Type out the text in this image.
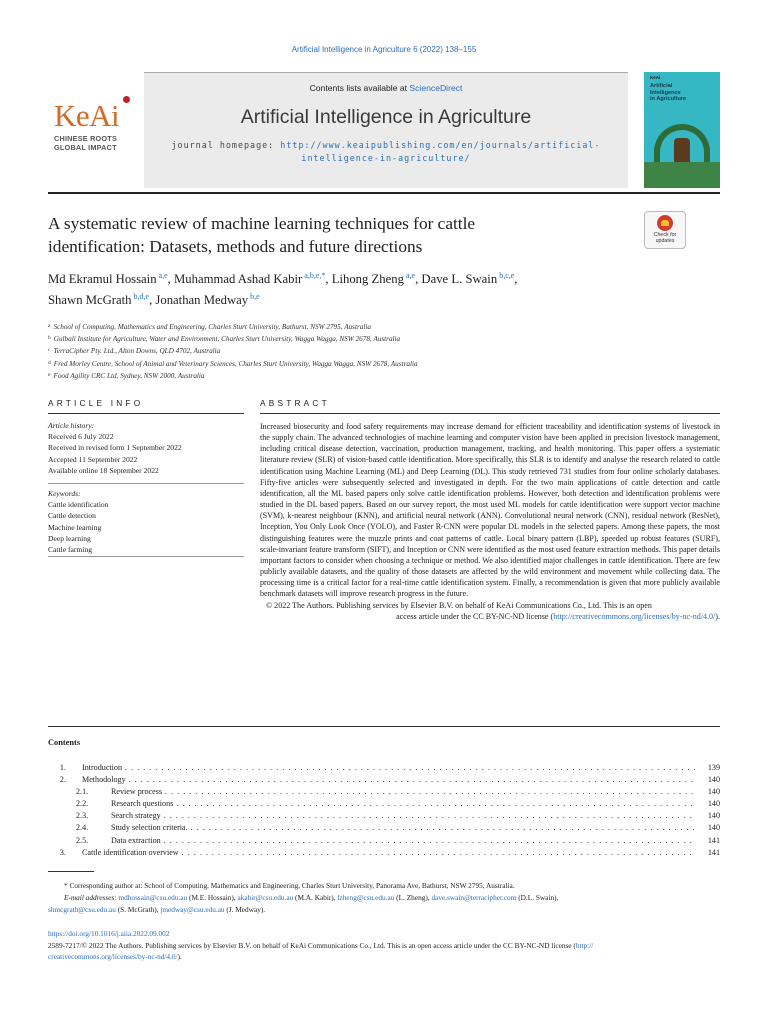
Artificial Intelligence in Agriculture 6 (2022) 138–155
KeAi
CHINESE ROOTS
GLOBAL IMPACT
Contents lists available at ScienceDirect
Artificial Intelligence in Agriculture
journal homepage: http://www.keaipublishing.com/en/journals/artificial-
intelligence-in-agriculture/
KeAi
Artificial
Intelligence
in Agriculture
A systematic review of machine learning techniques for cattle
identification: Datasets, methods and future directions
Check for
updates
Md Ekramul Hossain $^{a,e}$, Muhammad Ashad Kabir $^{a,b,e,*}$, Lihong Zheng $^{a,e}$, Dave L. Swain $^{b,c,e}$,
Shawn McGrath $^{b,d,e}$, Jonathan Medway $^{b,e}$
$^a$ School of Computing, Mathematics and Engineering, Charles Sturt University, Bathurst, NSW 2795, Australia
$^b$ Gulbali Institute for Agriculture, Water and Environment, Charles Sturt University, Wagga Wagga, NSW 2678, Australia
$^c$ TerraCipher Pty. Ltd., Alton Downs, QLD 4702, Australia
$^d$ Fred Morley Centre, School of Animal and Veterinary Sciences, Charles Sturt University, Wagga Wagga, NSW 2678, Australia
$^e$ Food Agility CRC Ltd, Sydney, NSW 2000, Australia
ARTICLE INFO	ABSTRACT
Article history:
Received 6 July 2022
Received in revised form 1 September 2022
Accepted 11 September 2022
Available online 18 September 2022
Keywords:
Cattle identification
Cattle detection
Machine learning
Deep learning
Cattle farming

Increased biosecurity and food safety requirements may increase demand for efficient traceability and identification systems of livestock in the supply chain. The advanced technologies of machine learning and computer vision have been applied in precision livestock management, including critical disease detection, vaccination, production management, tracking, and health monitoring. This paper offers a systematic literature review (SLR) of vision-based cattle identification. More specifically, this SLR is to identify and analyse the research related to cattle identification using Machine Learning (ML) and Deep Learning (DL). This study retrieved 731 studies from four online scholarly databases. Fifty-five articles were subsequently selected and investigated in depth. For the two main applications of cattle detection and cattle identification, all the ML based papers only solve cattle identification problems. However, both detection and identification problems were studied in the DL based papers. Based on our survey report, the most used ML models for cattle identification were support vector machine (SVM), k-nearest neighbour (KNN), and artificial neural network (ANN). Convolutional neural network (CNN), residual network (ResNet), Inception, You Only Look Once (YOLO), and Faster R-CNN were popular DL models in the selected papers. Among these papers, the most distinguishing features were the muzzle prints and coat patterns of cattle. Local binary pattern (LBP), speeded up robust features (SURF), scale-invariant feature transform (SIFT), and Inception or CNN were identified as the most used feature extraction methods. This paper details important factors to consider when choosing a technique or method. We also identified major challenges in cattle identification. There are few publicly available datasets, and the quality of those datasets are affected by the wild environment and movement while collecting data. The processing time is a critical factor for a real-time cattle identification system. Finally, a recommendation is given that more publicly available benchmark datasets will improve research progress in the future.

© 2022 The Authors. Publishing services by Elsevier B.V. on behalf of KeAi Communications Co., Ltd. This is an open

access article under the CC BY-NC-ND license (http://creativecommons.org/licenses/by-nc-nd/4.0/).

Contents
1. Introduction . . .	139
2. Methodology . . .	140
2.1.	Review process . . .	140
2.2.	Research questions . . .	140
2.3.	Search strategy . . .	140
2.4.	Study selection criteria. . . .	140
2.5.	Data extraction . . .	141
3. Cattle identification overview . . .	141
* Corresponding author at: School of Computing, Mathematics and Engineering, Charles Sturt University, Panorama Ave, Bathurst, NSW 2795, Australia.
E-mail addresses: mdhossain@csu.edu.au (M.E. Hossain), akabir@csu.edu.au (M.A. Kabir), lzheng@csu.edu.au (L. Zheng), dave.swain@terracipher.com (D.L. Swain),
shmcgrath@csu.edu.au (S. McGrath), jmedway@csu.edu.au (J. Medway).
https://doi.org/10.1016/j.aiia.2022.09.002
2589-7217/© 2022 The Authors. Publishing services by Elsevier B.V. on behalf of KeAi Communications Co., Ltd. This is an open access article under the CC BY-NC-ND license (http://
creativecommons.org/licenses/by-nc-nd/4.0/).
